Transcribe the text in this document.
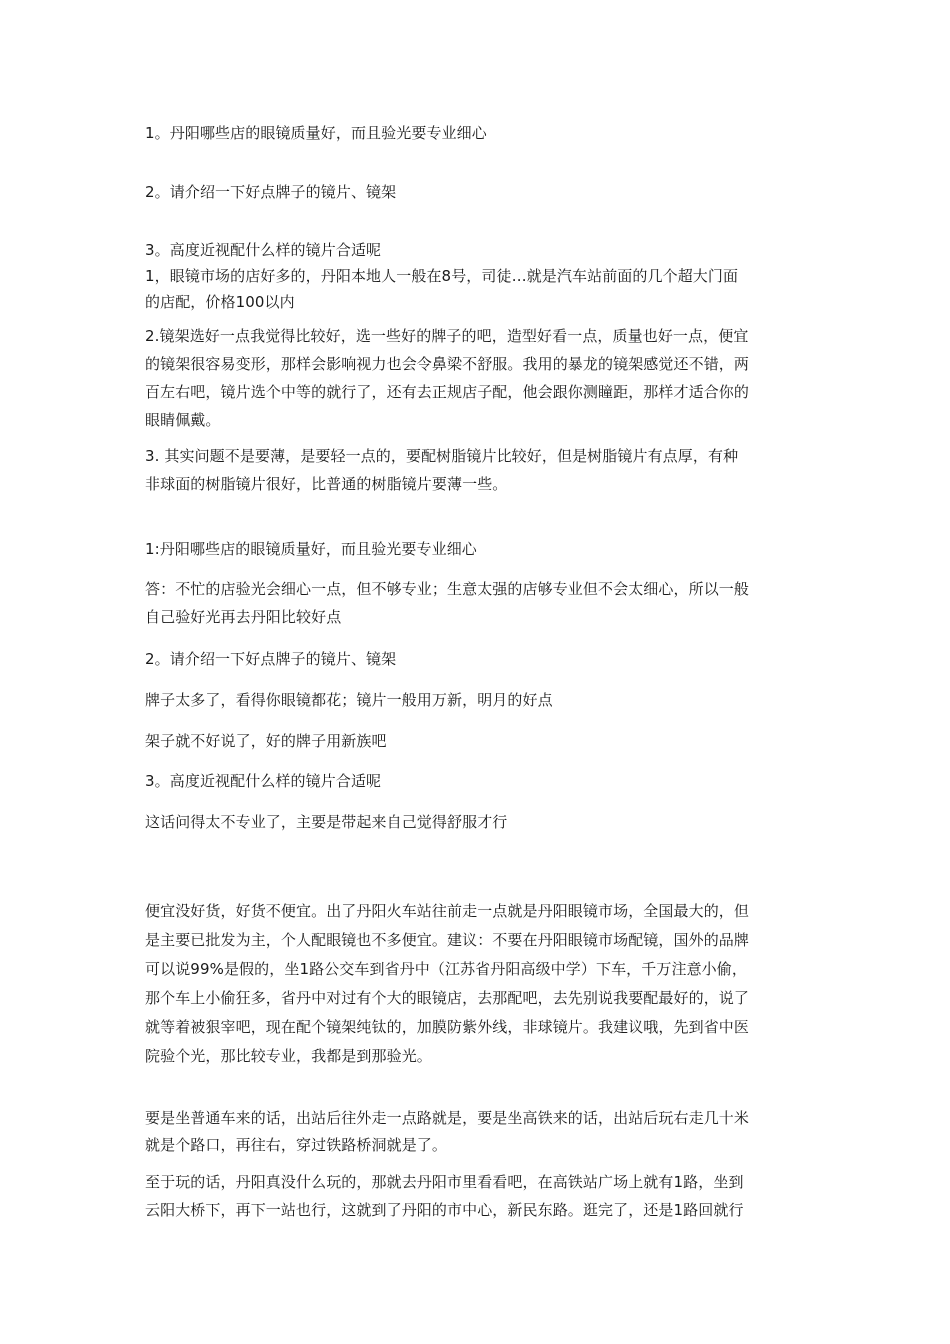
1。丹阳哪些店的眼镜质量好，而且验光要专业细心
2。请介绍一下好点牌子的镜片、镜架
3。高度近视配什么样的镜片合适呢
1，眼镜市场的店好多的，丹阳本地人一般在8号，司徒…就是汽车站前面的几个超大门面
的店配，价格100以内
2.镜架选好一点我觉得比较好，选一些好的牌子的吧，造型好看一点，质量也好一点，便宜
的镜架很容易变形，那样会影响视力也会令鼻梁不舒服。我用的暴龙的镜架感觉还不错，两
百左右吧，镜片选个中等的就行了，还有去正规店子配，他会跟你测瞳距，那样才适合你的
眼睛佩戴。
3. 其实问题不是要薄，是要轻一点的，要配树脂镜片比较好，但是树脂镜片有点厚，有种
非球面的树脂镜片很好，比普通的树脂镜片要薄一些。
1:丹阳哪些店的眼镜质量好，而且验光要专业细心
答：不忙的店验光会细心一点，但不够专业；生意太强的店够专业但不会太细心，所以一般
自己验好光再去丹阳比较好点
2。请介绍一下好点牌子的镜片、镜架
牌子太多了，看得你眼镜都花；镜片一般用万新，明月的好点
架子就不好说了，好的牌子用新族吧
3。高度近视配什么样的镜片合适呢
这话问得太不专业了，主要是带起来自己觉得舒服才行
便宜没好货，好货不便宜。出了丹阳火车站往前走一点就是丹阳眼镜市场，全国最大的，但
是主要已批发为主，个人配眼镜也不多便宜。建议：不要在丹阳眼镜市场配镜，国外的品牌
可以说99%是假的，坐1路公交车到省丹中（江苏省丹阳高级中学）下车，千万注意小偷，
那个车上小偷狂多，省丹中对过有个大的眼镜店，去那配吧，去先别说我要配最好的，说了
就等着被狠宰吧，现在配个镜架纯钛的，加膜防紫外线，非球镜片。我建议哦，先到省中医
院验个光，那比较专业，我都是到那验光。
要是坐普通车来的话，出站后往外走一点路就是，要是坐高铁来的话，出站后玩右走几十米
就是个路口，再往右，穿过铁路桥洞就是了。
至于玩的话，丹阳真没什么玩的，那就去丹阳市里看看吧，在高铁站广场上就有1路，坐到
云阳大桥下，再下一站也行，这就到了丹阳的市中心，新民东路。逛完了，还是1路回就行
